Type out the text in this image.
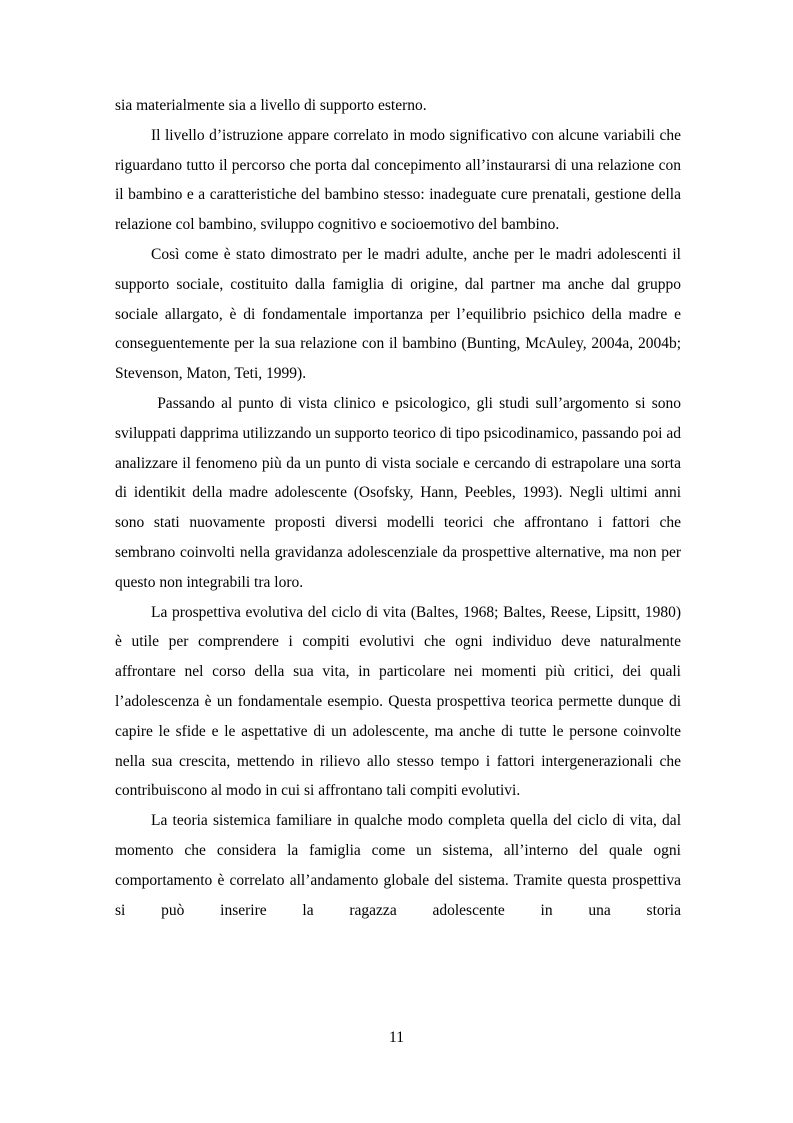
sia materialmente sia a livello di supporto esterno.

Il livello d’istruzione appare correlato in modo significativo con alcune variabili che riguardano tutto il percorso che porta dal concepimento all’instaurarsi di una relazione con il bambino e a caratteristiche del bambino stesso: inadeguate cure prenatali, gestione della relazione col bambino, sviluppo cognitivo e socioemotivo del bambino.

Così come è stato dimostrato per le madri adulte, anche per le madri adolescenti il supporto sociale, costituito dalla famiglia di origine, dal partner ma anche dal gruppo sociale allargato, è di fondamentale importanza per l’equilibrio psichico della madre e conseguentemente per la sua relazione con il bambino (Bunting, McAuley, 2004a, 2004b; Stevenson, Maton, Teti, 1999).

Passando al punto di vista clinico e psicologico, gli studi sull’argomento si sono sviluppati dapprima utilizzando un supporto teorico di tipo psicodinamico, passando poi ad analizzare il fenomeno più da un punto di vista sociale e cercando di estrapolare una sorta di identikit della madre adolescente (Osofsky, Hann, Peebles, 1993). Negli ultimi anni sono stati nuovamente proposti diversi modelli teorici che affrontano i fattori che sembrano coinvolti nella gravidanza adolescenziale da prospettive alternative, ma non per questo non integrabili tra loro.

La prospettiva evolutiva del ciclo di vita (Baltes, 1968; Baltes, Reese, Lipsitt, 1980) è utile per comprendere i compiti evolutivi che ogni individuo deve naturalmente affrontare nel corso della sua vita, in particolare nei momenti più critici, dei quali l’adolescenza è un fondamentale esempio. Questa prospettiva teorica permette dunque di capire le sfide e le aspettative di un adolescente, ma anche di tutte le persone coinvolte nella sua crescita, mettendo in rilievo allo stesso tempo i fattori intergenerazionali che contribuiscono al modo in cui si affrontano tali compiti evolutivi.

La teoria sistemica familiare in qualche modo completa quella del ciclo di vita, dal momento che considera la famiglia come un sistema, all’interno del quale ogni comportamento è correlato all’andamento globale del sistema. Tramite questa prospettiva si può inserire la ragazza adolescente in una storia

11
